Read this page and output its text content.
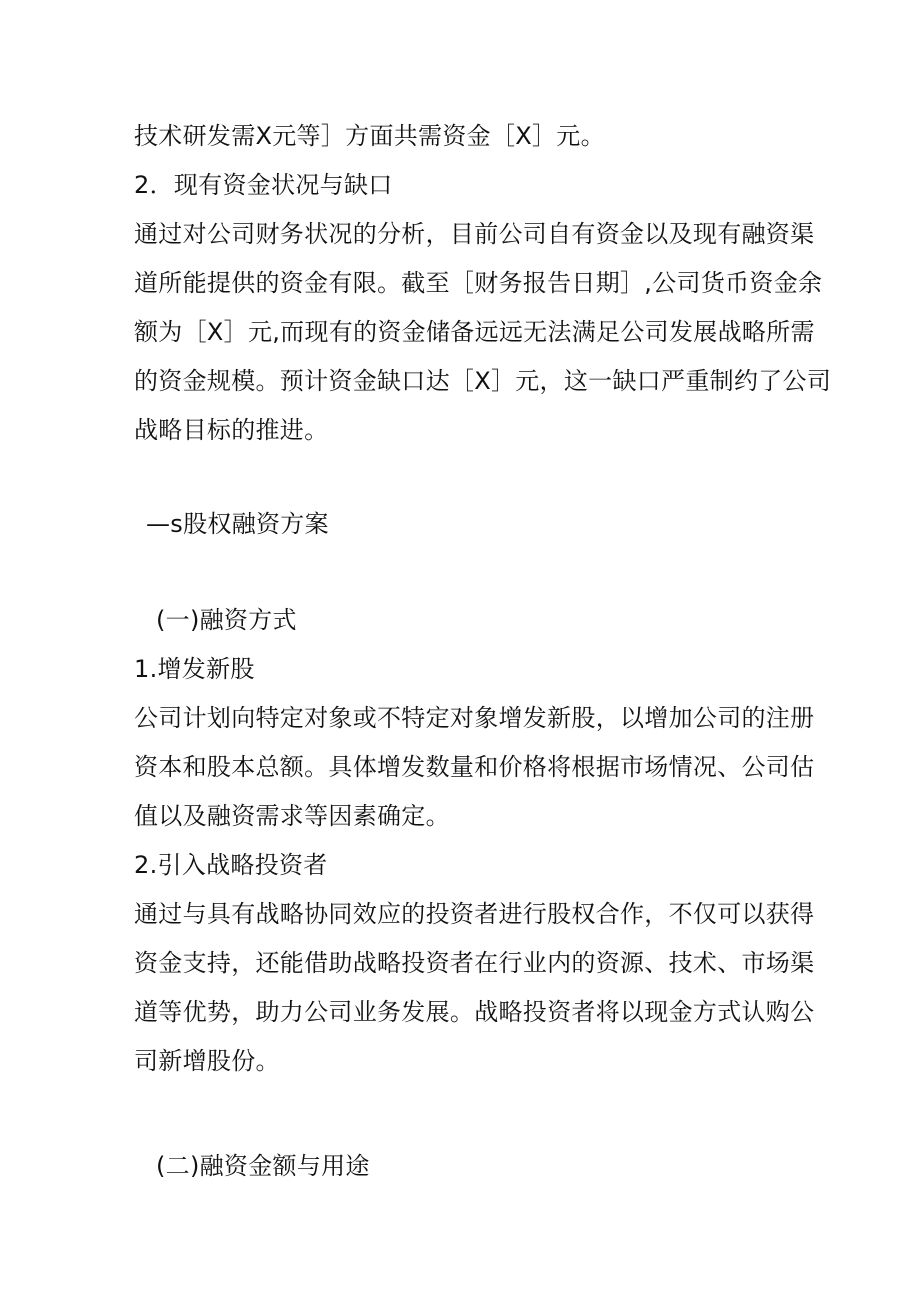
技术研发需X元等］方面共需资金［X］元。
2．现有资金状况与缺口
通过对公司财务状况的分析，目前公司自有资金以及现有融资渠
道所能提供的资金有限。截至［财务报告日期］,公司货币资金余
额为［X］元,而现有的资金储备远远无法满足公司发展战略所需
的资金规模。预计资金缺口达［X］元，这一缺口严重制约了公司
战略目标的推进。
—s股权融资方案
(一)融资方式
1.增发新股
公司计划向特定对象或不特定对象增发新股，以增加公司的注册
资本和股本总额。具体增发数量和价格将根据市场情况、公司估
值以及融资需求等因素确定。
2.引入战略投资者
通过与具有战略协同效应的投资者进行股权合作，不仅可以获得
资金支持，还能借助战略投资者在行业内的资源、技术、市场渠
道等优势，助力公司业务发展。战略投资者将以现金方式认购公
司新增股份。
(二)融资金额与用途
